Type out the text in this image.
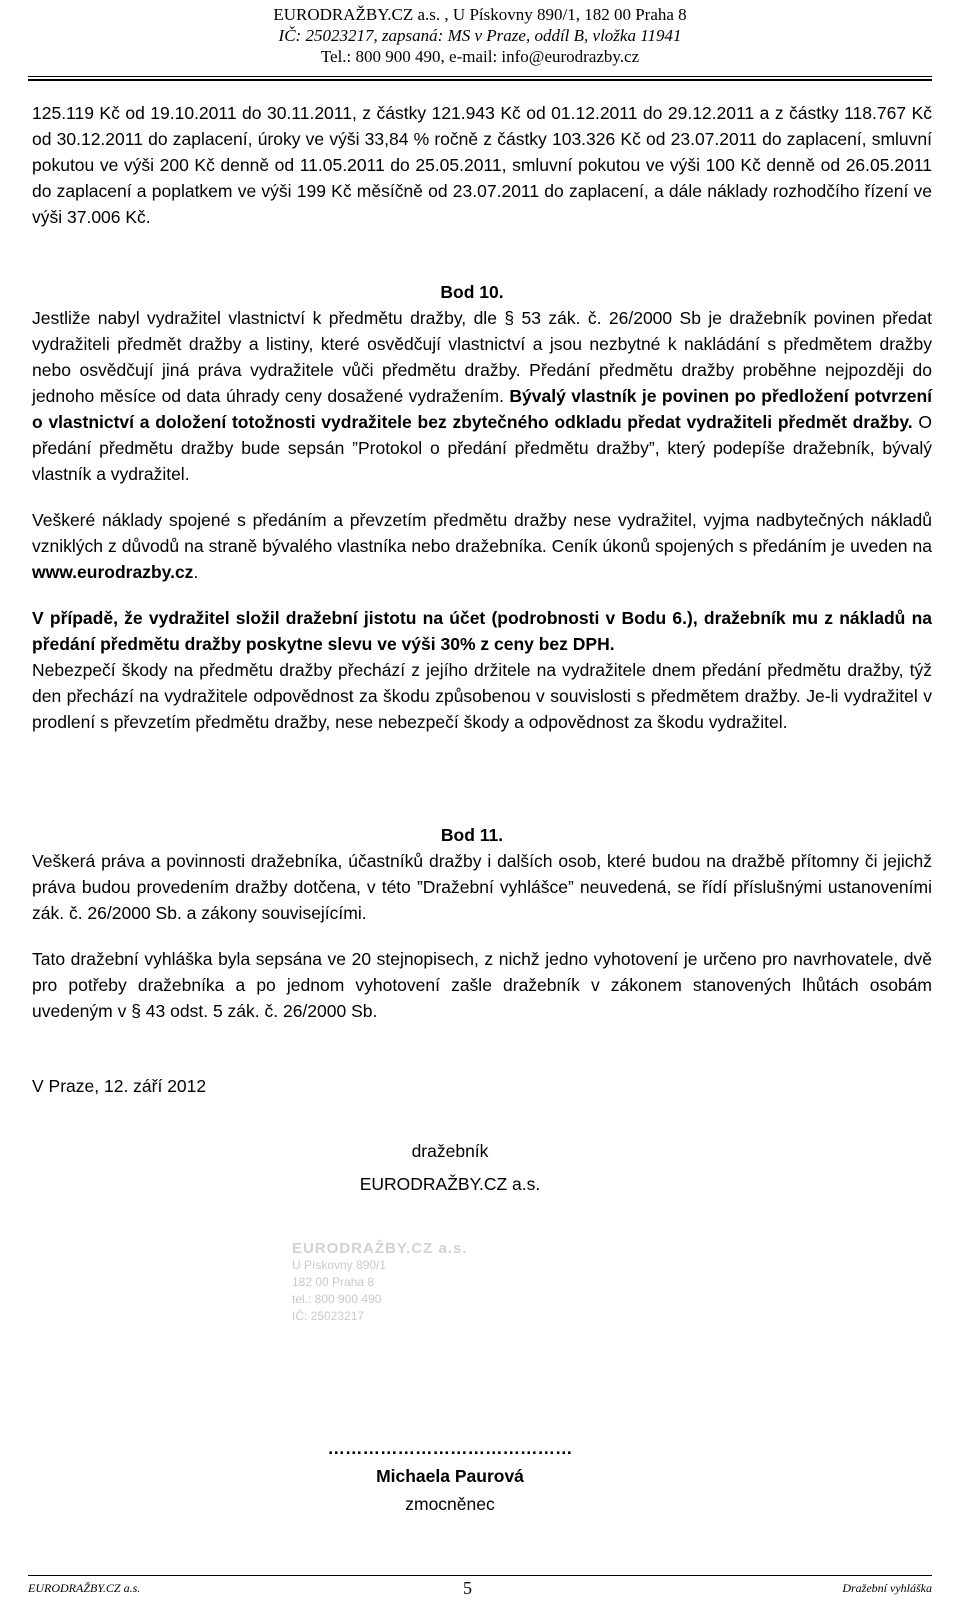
EURODRAŽBY.CZ a.s. , U Pískovny 890/1, 182 00 Praha 8
IČ: 25023217, zapsaná: MS v Praze, oddíl B, vložka 11941
Tel.: 800 900 490, e-mail: info@eurodrazby.cz

125.119 Kč od 19.10.2011 do 30.11.2011, z částky 121.943 Kč od 01.12.2011 do 29.12.2011 a z částky 118.767 Kč od 30.12.2011 do zaplacení, úroky ve výši 33,84 % ročně z částky 103.326 Kč od 23.07.2011 do zaplacení, smluvní pokutou ve výši 200 Kč denně od 11.05.2011 do 25.05.2011, smluvní pokutou ve výši 100 Kč denně od 26.05.2011 do zaplacení a poplatkem ve výši 199 Kč měsíčně od 23.07.2011 do zaplacení, a dále náklady rozhodčího řízení ve výši 37.006 Kč.

Bod 10.

Jestliže nabyl vydražitel vlastnictví k předmětu dražby, dle § 53 zák. č. 26/2000 Sb je dražebník povinen předat vydražiteli předmět dražby a listiny, které osvědčují vlastnictví a jsou nezbytné k nakládání s předmětem dražby nebo osvědčují jiná práva vydražitele vůči předmětu dražby. Předání předmětu dražby proběhne nejpozději do jednoho měsíce od data úhrady ceny dosažené vydražením. Bývalý vlastník je povinen po předložení potvrzení o vlastnictví a doložení totožnosti vydražitele bez zbytečného odkladu předat vydražiteli předmět dražby. O předání předmětu dražby bude sepsán ”Protokol o předání předmětu dražby”, který podepíše dražebník, bývalý vlastník a vydražitel.

Veškeré náklady spojené s předáním a převzetím předmětu dražby nese vydražitel, vyjma nadbytečných nákladů vzniklých z důvodů na straně bývalého vlastníka nebo dražebníka. Ceník úkonů spojených s předáním je uveden na www.eurodrazby.cz.

V případě, že vydražitel složil dražební jistotu na účet (podrobnosti v Bodu 6.), dražebník mu z nákladů na předání předmětu dražby poskytne slevu ve výši 30% z ceny bez DPH.

Nebezpečí škody na předmětu dražby přechází z jejího držitele na vydražitele dnem předání předmětu dražby, týž den přechází na vydražitele odpovědnost za škodu způsobenou v souvislosti s předmětem dražby. Je-li vydražitel v prodlení s převzetím předmětu dražby, nese nebezpečí škody a odpovědnost za škodu vydražitel.

Bod 11.

Veškerá práva a povinnosti dražebníka, účastníků dražby i dalších osob, které budou na dražbě přítomny či jejichž práva budou provedením dražby dotčena, v této ”Dražební vyhlášce” neuvedená, se řídí příslušnými ustanoveními zák. č. 26/2000 Sb. a zákony souvisejícími.

Tato dražební vyhláška byla sepsána ve 20 stejnopisech, z nichž jedno vyhotovení je určeno pro navrhovatele, dvě pro potřeby dražebníka a po jednom vyhotovení zašle dražebník v zákonem stanovených lhůtách osobám uvedeným v § 43 odst. 5 zák. č. 26/2000 Sb.

V Praze, 12. září 2012
dražebník
EURODRAŽBY.CZ a.s.
EURODRAŽBY.CZ a.s.
U Pískovny 890/1
182 00 Praha 8
tel.: 800 900 490
IČ: 25023217
……………………………………
Michaela Paurová
zmocněnec
EURODRAŽBY.CZ a.s.	5	Dražební vyhláška
